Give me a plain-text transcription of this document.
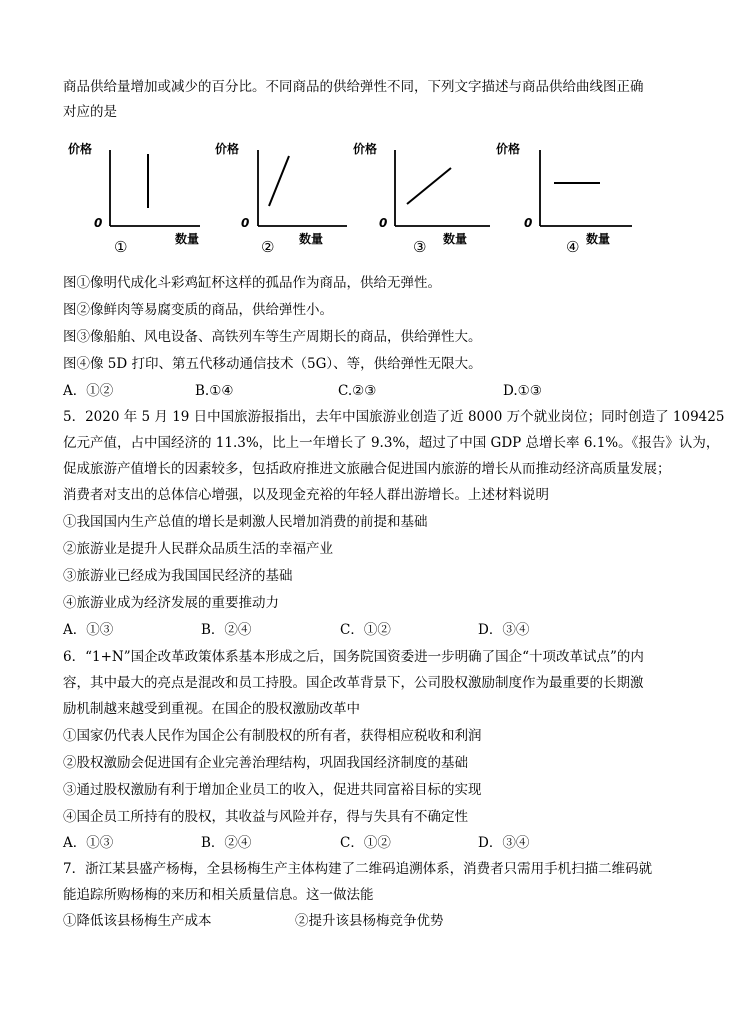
商品供给量增加或减少的百分比。不同商品的供给弹性不同，下列文字描述与商品供给曲线图正确
对应的是
价格
0
数量
①
价格
0
数量
②
价格
0
数量
③
价格
0
数量
④
图①像明代成化斗彩鸡缸杯这样的孤品作为商品，供给无弹性。
图②像鲜肉等易腐变质的商品，供给弹性小。
图③像船舶、风电设备、高铁列车等生产周期长的商品，供给弹性大。
图④像 5D 打印、第五代移动通信技术（5G）、等，供给弹性无限大。
A．①②	B.①④	C.②③	D.①③
5．2020 年 5 月 19 日中国旅游报指出，去年中国旅游业创造了近 8000 万个就业岗位；同时创造了 109425
亿元产值，占中国经济的 11.3%，比上一年增长了 9.3%，超过了中国 GDP 总增长率 6.1%。《报告》认为，
促成旅游产值增长的因素较多，包括政府推进文旅融合促进国内旅游的增长从而推动经济高质量发展；
消费者对支出的总体信心增强，以及现金充裕的年轻人群出游增长。上述材料说明
①我国国内生产总值的增长是刺激人民增加消费的前提和基础
②旅游业是提升人民群众品质生活的幸福产业
③旅游业已经成为我国国民经济的基础
④旅游业成为经济发展的重要推动力
A．①③	B．②④	C．①②	D．③④
6．“1+N”国企改革政策体系基本形成之后，国务院国资委进一步明确了国企“十项改革试点”的内
容，其中最大的亮点是混改和员工持股。国企改革背景下，公司股权激励制度作为最重要的长期激
励机制越来越受到重视。在国企的股权激励改革中
①国家仍代表人民作为国企公有制股权的所有者，获得相应税收和利润
②股权激励会促进国有企业完善治理结构，巩固我国经济制度的基础
③通过股权激励有利于增加企业员工的收入，促进共同富裕目标的实现
④国企员工所持有的股权，其收益与风险并存，得与失具有不确定性
A．①③	B．②④	C．①②	D．③④
7．浙江某县盛产杨梅，全县杨梅生产主体构建了二维码追溯体系，消费者只需用手机扫描二维码就
能追踪所购杨梅的来历和相关质量信息。这一做法能
①降低该县杨梅生产成本	②提升该县杨梅竞争优势
